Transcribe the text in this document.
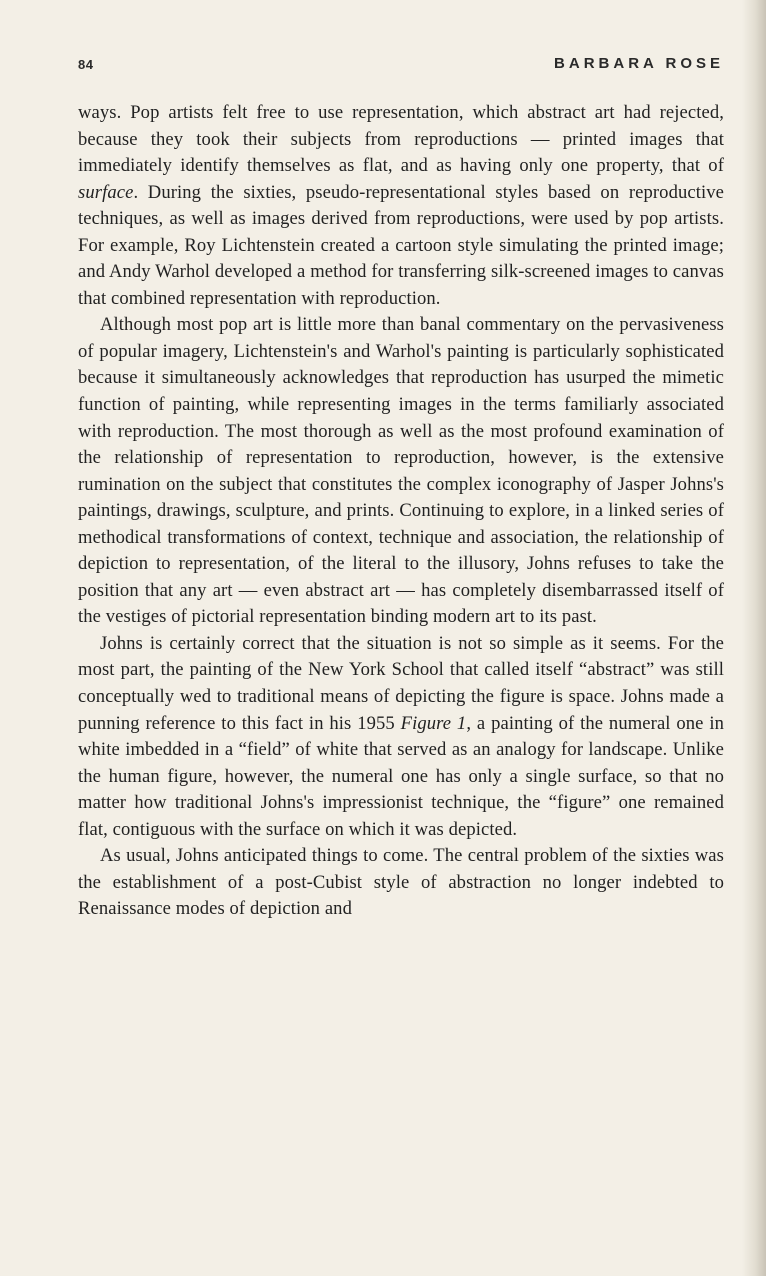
84	BARBARA ROSE

ways. Pop artists felt free to use representation, which abstract art had rejected, because they took their subjects from reproductions — printed images that immediately identify themselves as flat, and as having only one property, that of surface. During the sixties, pseudo-representational styles based on reproductive techniques, as well as images derived from reproductions, were used by pop artists. For example, Roy Lichtenstein created a cartoon style simulating the printed image; and Andy Warhol developed a method for transferring silk-screened images to canvas that combined representation with reproduction.

Although most pop art is little more than banal commentary on the pervasiveness of popular imagery, Lichtenstein's and Warhol's painting is particularly sophisticated because it simultaneously acknowledges that reproduction has usurped the mimetic function of painting, while representing images in the terms familiarly associated with reproduction. The most thorough as well as the most profound examination of the relationship of representation to reproduction, however, is the extensive rumination on the subject that constitutes the complex iconography of Jasper Johns's paintings, drawings, sculpture, and prints. Continuing to explore, in a linked series of methodical transformations of context, technique and association, the relationship of depiction to representation, of the literal to the illusory, Johns refuses to take the position that any art — even abstract art — has completely disembarrassed itself of the vestiges of pictorial representation binding modern art to its past.

Johns is certainly correct that the situation is not so simple as it seems. For the most part, the painting of the New York School that called itself “abstract” was still conceptually wed to traditional means of depicting the figure is space. Johns made a punning reference to this fact in his 1955 Figure 1, a painting of the numeral one in white imbedded in a “field” of white that served as an analogy for landscape. Unlike the human figure, however, the numeral one has only a single surface, so that no matter how traditional Johns's impressionist technique, the “figure” one remained flat, contiguous with the surface on which it was depicted.

As usual, Johns anticipated things to come. The central problem of the sixties was the establishment of a post-Cubist style of abstraction no longer indebted to Renaissance modes of depiction and
